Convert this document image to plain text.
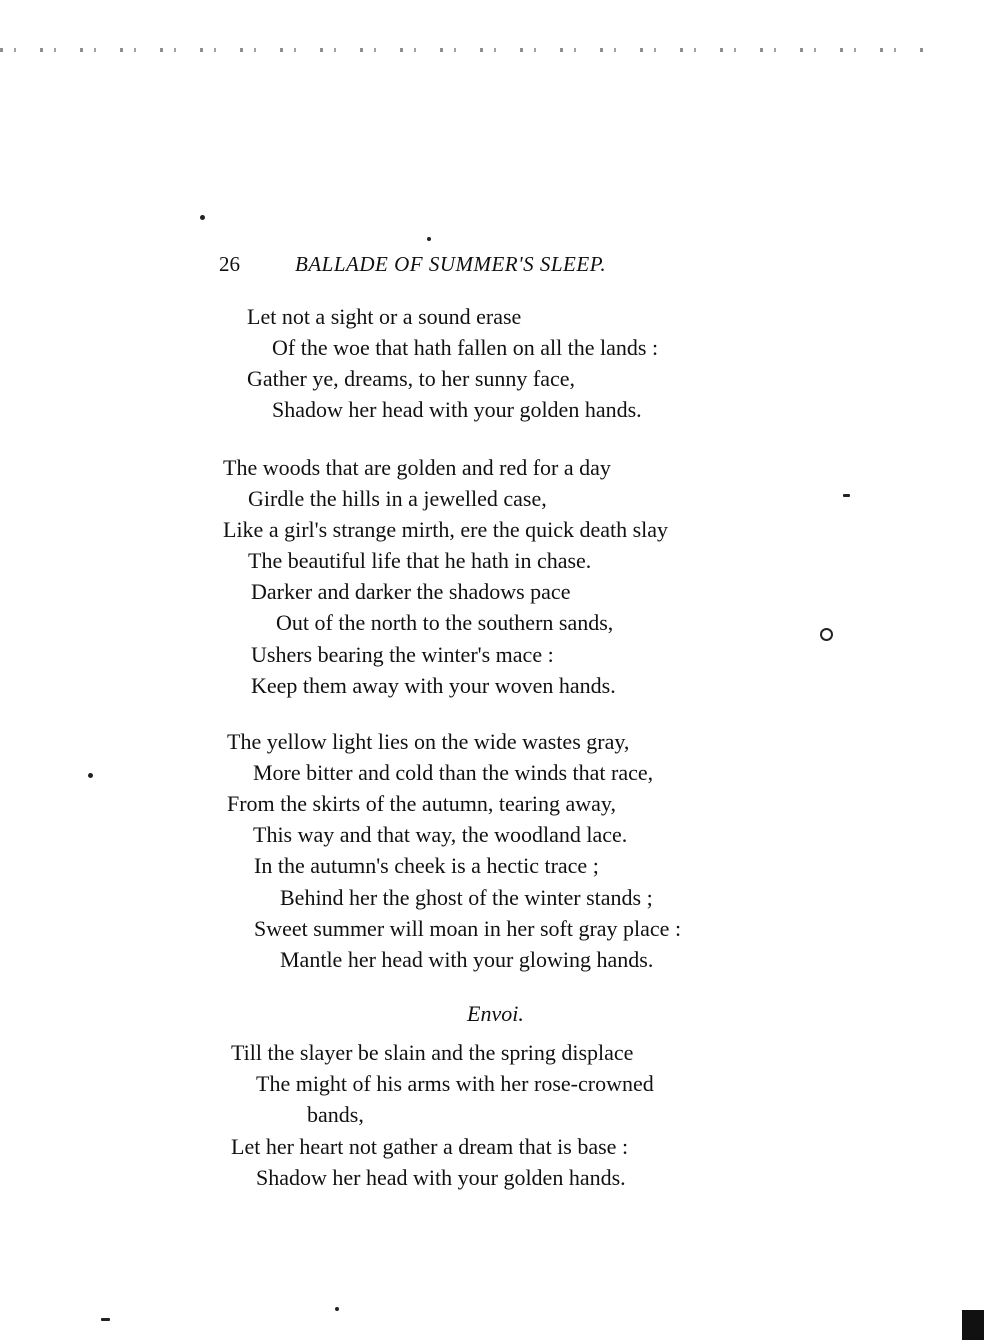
26	BALLADE OF SUMMER'S SLEEP.
Let not a sight or a sound erase
Of the woe that hath fallen on all the lands :
Gather ye, dreams, to her sunny face,
Shadow her head with your golden hands.
The woods that are golden and red for a day
Girdle the hills in a jewelled case,
Like a girl's strange mirth, ere the quick death slay
The beautiful life that he hath in chase.
Darker and darker the shadows pace
Out of the north to the southern sands,
Ushers bearing the winter's mace :
Keep them away with your woven hands.
The yellow light lies on the wide wastes gray,
More bitter and cold than the winds that race,
From the skirts of the autumn, tearing away,
This way and that way, the woodland lace.
In the autumn's cheek is a hectic trace ;
Behind her the ghost of the winter stands ;
Sweet summer will moan in her soft gray place :
Mantle her head with your glowing hands.
Envoi.
Till the slayer be slain and the spring displace
The might of his arms with her rose-crowned
bands,
Let her heart not gather a dream that is base :
Shadow her head with your golden hands.
